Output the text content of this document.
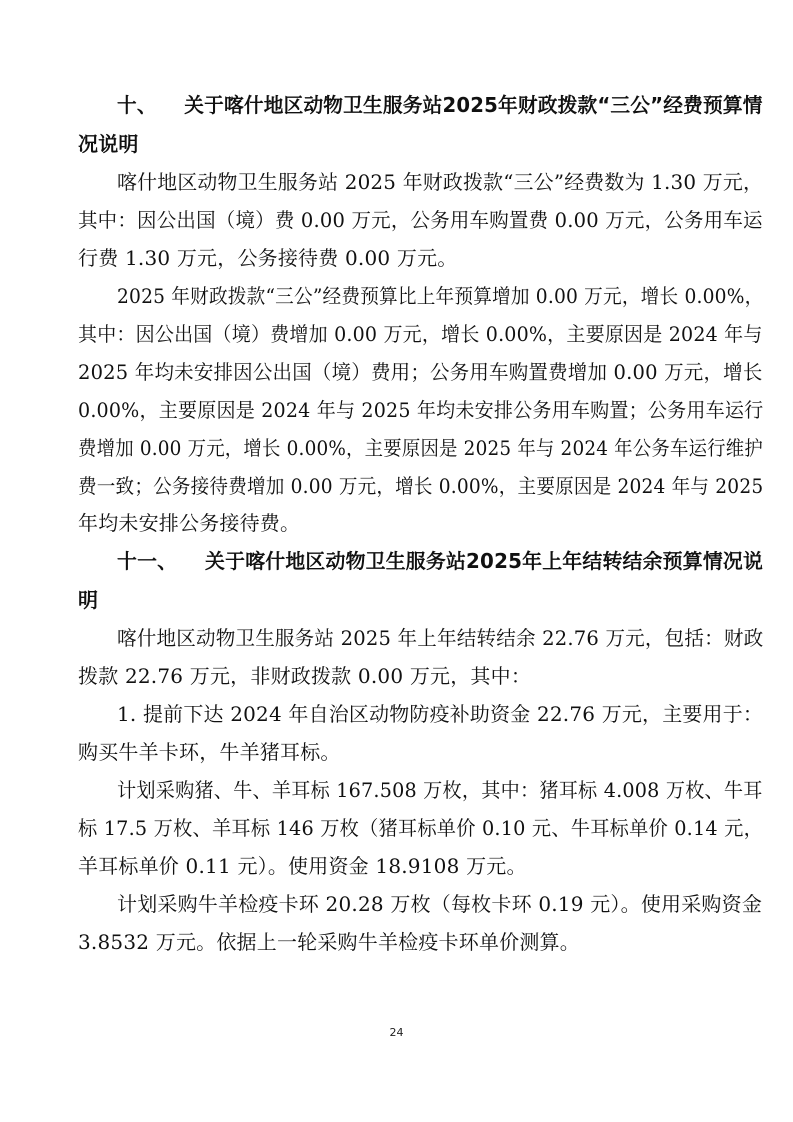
十、 关于喀什地区动物卫生服务站2025年财政拨款“三公”经费预算情
况说明
喀什地区动物卫生服务站 2025 年财政拨款“三公”经费数为 1.30 万元，
其中：因公出国（境）费 0.00 万元，公务用车购置费 0.00 万元，公务用车运
行费 1.30 万元，公务接待费 0.00 万元。
2025 年财政拨款“三公”经费预算比上年预算增加 0.00 万元，增长 0.00%，
其中：因公出国（境）费增加 0.00 万元，增长 0.00%，主要原因是 2024 年与
2025 年均未安排因公出国（境）费用；公务用车购置费增加 0.00 万元，增长
0.00%，主要原因是 2024 年与 2025 年均未安排公务用车购置；公务用车运行
费增加 0.00 万元，增长 0.00%，主要原因是 2025 年与 2024 年公务车运行维护
费一致；公务接待费增加 0.00 万元，增长 0.00%，主要原因是 2024 年与 2025
年均未安排公务接待费。
十一、 关于喀什地区动物卫生服务站2025年上年结转结余预算情况说
明
喀什地区动物卫生服务站 2025 年上年结转结余 22.76 万元，包括：财政
拨款 22.76 万元，非财政拨款 0.00 万元，其中：
1. 提前下达 2024 年自治区动物防疫补助资金 22.76 万元，主要用于：
购买牛羊卡环，牛羊猪耳标。
计划采购猪、牛、羊耳标 167.508 万枚，其中：猪耳标 4.008 万枚、牛耳
标 17.5 万枚、羊耳标 146 万枚（猪耳标单价 0.10 元、牛耳标单价 0.14 元，
羊耳标单价 0.11 元）。使用资金 18.9108 万元。
计划采购牛羊检疫卡环 20.28 万枚（每枚卡环 0.19 元）。使用采购资金
3.8532 万元。依据上一轮采购牛羊检疫卡环单价测算。
24
